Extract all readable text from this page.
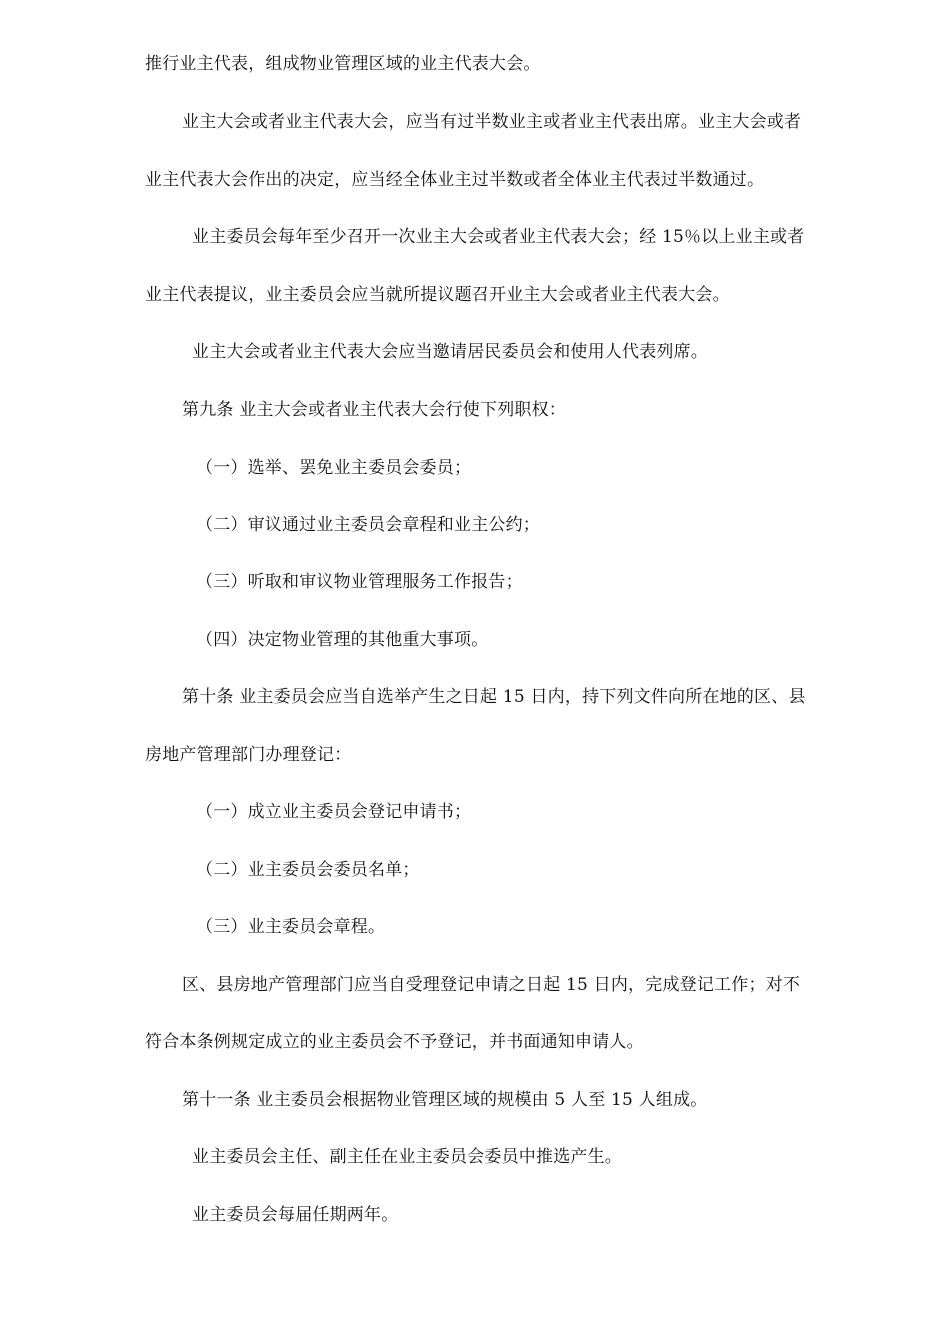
推行业主代表，组成物业管理区域的业主代表大会。
业主大会或者业主代表大会，应当有过半数业主或者业主代表出席。业主大会或者
业主代表大会作出的决定，应当经全体业主过半数或者全体业主代表过半数通过。
业主委员会每年至少召开一次业主大会或者业主代表大会；经 15％以上业主或者
业主代表提议，业主委员会应当就所提议题召开业主大会或者业主代表大会。
业主大会或者业主代表大会应当邀请居民委员会和使用人代表列席。
第九条 业主大会或者业主代表大会行使下列职权：
（一）选举、罢免业主委员会委员；
（二）审议通过业主委员会章程和业主公约；
（三）听取和审议物业管理服务工作报告；
（四）决定物业管理的其他重大事项。
第十条 业主委员会应当自选举产生之日起 15 日内，持下列文件向所在地的区、县
房地产管理部门办理登记：
（一）成立业主委员会登记申请书；
（二）业主委员会委员名单；
（三）业主委员会章程。
区、县房地产管理部门应当自受理登记申请之日起 15 日内，完成登记工作；对不
符合本条例规定成立的业主委员会不予登记，并书面通知申请人。
第十一条 业主委员会根据物业管理区域的规模由 5 人至 15 人组成。
业主委员会主任、副主任在业主委员会委员中推选产生。
业主委员会每届任期两年。
